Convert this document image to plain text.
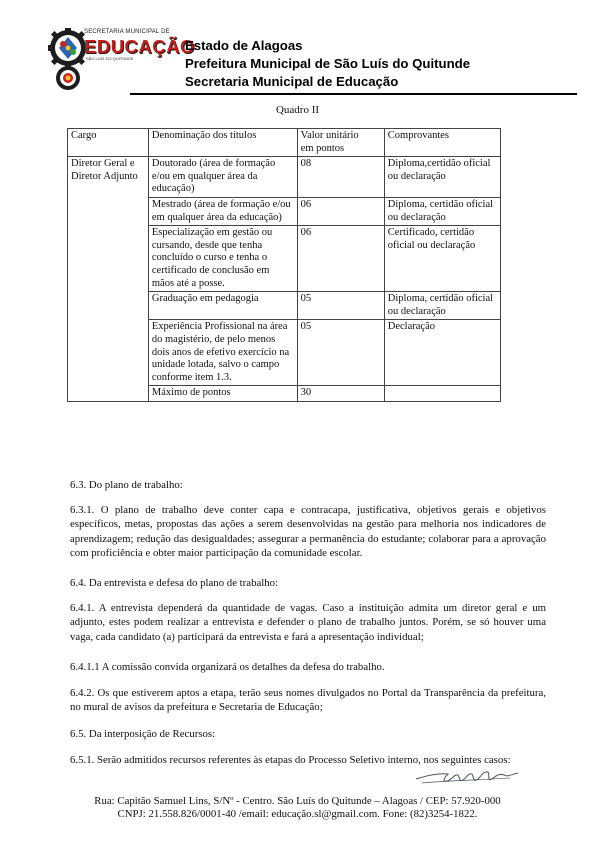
SECRETARIA MUNICIPAL DE
EDUCAÇÃO
SÃO LUÍS DO QUITUNDE
Estado de Alagoas
Prefeitura Municipal de São Luís do Quitunde
Secretaria Municipal de Educação
Quadro II
Cargo	Denominação dos títulos	Valor unitário em pontos	Comprovantes
Diretor Geral e Diretor Adjunto	Doutorado (área de formação e/ou em qualquer área da educação)	08	Diploma,certidão oficial ou declaração
	Mestrado (área de formação e/ou em qualquer área da educação)	06	Diploma, certidão oficial ou declaração
	Especialização em gestão ou cursando, desde que tenha concluído o curso e tenha o certificado de conclusão em mãos até a posse.	06	Certificado, certidão oficial ou declaração
	Graduação em pedagogia	05	Diploma, certidão oficial ou declaração
	Experiência Profissional na área do magistério, de pelo menos dois anos de efetivo exercício na unidade lotada, salvo o campo conforme item 1.3.	05	Declaração
	Máximo de pontos	30	
6.3. Do plano de trabalho:
6.3.1. O plano de trabalho deve conter capa e contracapa, justificativa, objetivos gerais e objetivos específicos, metas, propostas das ações a serem desenvolvidas na gestão para melhoria nos indicadores de aprendizagem; redução das desigualdades; assegurar a permanência do estudante; colaborar para a aprovação com proficiência e obter maior participação da comunidade escolar.
6.4. Da entrevista e defesa do plano de trabalho:
6.4.1. A entrevista dependerá da quantidade de vagas. Caso a instituição admita um diretor geral e um adjunto, estes podem realizar a entrevista e defender o plano de trabalho juntos. Porém, se só houver uma vaga, cada candidato (a) participará da entrevista e fará a apresentação individual;
6.4.1.1 A comissão convida organizará os detalhes da defesa do trabalho.
6.4.2. Os que estiverem aptos a etapa, terão seus nomes divulgados no Portal da Transparência da prefeitura, no mural de avisos da prefeitura e Secretaria de Educação;
6.5. Da interposição de Recursos:
6.5.1. Serão admitidos recursos referentes às etapas do Processo Seletivo interno, nos seguintes casos:
Rua: Capitão Samuel Lins, S/Nº - Centro. São Luís do Quitunde – Alagoas / CEP: 57.920-000
CNPJ: 21.558.826/0001-40 /email: educação.sl@gmail.com. Fone: (82)3254-1822.
